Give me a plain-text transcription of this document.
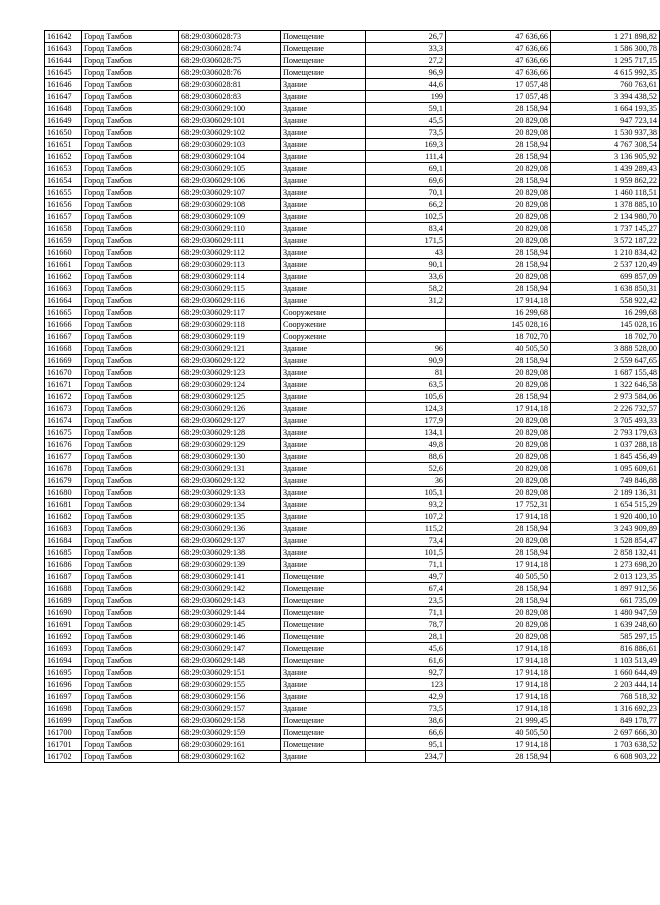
161642	Город Тамбов	68:29:0306028:73	Помещение	26,7	47 636,66	1 271 898,82
161643	Город Тамбов	68:29:0306028:74	Помещение	33,3	47 636,66	1 586 300,78
161644	Город Тамбов	68:29:0306028:75	Помещение	27,2	47 636,66	1 295 717,15
161645	Город Тамбов	68:29:0306028:76	Помещение	96,9	47 636,66	4 615 992,35
161646	Город Тамбов	68:29:0306028:81	Здание	44,6	17 057,48	760 763,61
161647	Город Тамбов	68:29:0306028:83	Здание	199	17 057,48	3 394 438,52
161648	Город Тамбов	68:29:0306029:100	Здание	59,1	28 158,94	1 664 193,35
161649	Город Тамбов	68:29:0306029:101	Здание	45,5	20 829,08	947 723,14
161650	Город Тамбов	68:29:0306029:102	Здание	73,5	20 829,08	1 530 937,38
161651	Город Тамбов	68:29:0306029:103	Здание	169,3	28 158,94	4 767 308,54
161652	Город Тамбов	68:29:0306029:104	Здание	111,4	28 158,94	3 136 905,92
161653	Город Тамбов	68:29:0306029:105	Здание	69,1	20 829,08	1 439 289,43
161654	Город Тамбов	68:29:0306029:106	Здание	69,6	28 158,94	1 959 862,22
161655	Город Тамбов	68:29:0306029:107	Здание	70,1	20 829,08	1 460 118,51
161656	Город Тамбов	68:29:0306029:108	Здание	66,2	20 829,08	1 378 885,10
161657	Город Тамбов	68:29:0306029:109	Здание	102,5	20 829,08	2 134 980,70
161658	Город Тамбов	68:29:0306029:110	Здание	83,4	20 829,08	1 737 145,27
161659	Город Тамбов	68:29:0306029:111	Здание	171,5	20 829,08	3 572 187,22
161660	Город Тамбов	68:29:0306029:112	Здание	43	28 158,94	1 210 834,42
161661	Город Тамбов	68:29:0306029:113	Здание	90,1	28 158,94	2 537 120,49
161662	Город Тамбов	68:29:0306029:114	Здание	33,6	20 829,08	699 857,09
161663	Город Тамбов	68:29:0306029:115	Здание	58,2	28 158,94	1 638 850,31
161664	Город Тамбов	68:29:0306029:116	Здание	31,2	17 914,18	558 922,42
161665	Город Тамбов	68:29:0306029:117	Сооружение		16 299,68	16 299,68
161666	Город Тамбов	68:29:0306029:118	Сооружение		145 028,16	145 028,16
161667	Город Тамбов	68:29:0306029:119	Сооружение		18 702,70	18 702,70
161668	Город Тамбов	68:29:0306029:121	Здание	96	40 505,50	3 888 528,00
161669	Город Тамбов	68:29:0306029:122	Здание	90,9	28 158,94	2 559 647,65
161670	Город Тамбов	68:29:0306029:123	Здание	81	20 829,08	1 687 155,48
161671	Город Тамбов	68:29:0306029:124	Здание	63,5	20 829,08	1 322 646,58
161672	Город Тамбов	68:29:0306029:125	Здание	105,6	28 158,94	2 973 584,06
161673	Город Тамбов	68:29:0306029:126	Здание	124,3	17 914,18	2 226 732,57
161674	Город Тамбов	68:29:0306029:127	Здание	177,9	20 829,08	3 705 493,33
161675	Город Тамбов	68:29:0306029:128	Здание	134,1	20 829,08	2 793 179,63
161676	Город Тамбов	68:29:0306029:129	Здание	49,8	20 829,08	1 037 288,18
161677	Город Тамбов	68:29:0306029:130	Здание	88,6	20 829,08	1 845 456,49
161678	Город Тамбов	68:29:0306029:131	Здание	52,6	20 829,08	1 095 609,61
161679	Город Тамбов	68:29:0306029:132	Здание	36	20 829,08	749 846,88
161680	Город Тамбов	68:29:0306029:133	Здание	105,1	20 829,08	2 189 136,31
161681	Город Тамбов	68:29:0306029:134	Здание	93,2	17 752,31	1 654 515,29
161682	Город Тамбов	68:29:0306029:135	Здание	107,2	17 914,18	1 920 400,10
161683	Город Тамбов	68:29:0306029:136	Здание	115,2	28 158,94	3 243 909,89
161684	Город Тамбов	68:29:0306029:137	Здание	73,4	20 829,08	1 528 854,47
161685	Город Тамбов	68:29:0306029:138	Здание	101,5	28 158,94	2 858 132,41
161686	Город Тамбов	68:29:0306029:139	Здание	71,1	17 914,18	1 273 698,20
161687	Город Тамбов	68:29:0306029:141	Помещение	49,7	40 505,50	2 013 123,35
161688	Город Тамбов	68:29:0306029:142	Помещение	67,4	28 158,94	1 897 912,56
161689	Город Тамбов	68:29:0306029:143	Помещение	23,5	28 158,94	661 735,09
161690	Город Тамбов	68:29:0306029:144	Помещение	71,1	20 829,08	1 480 947,59
161691	Город Тамбов	68:29:0306029:145	Помещение	78,7	20 829,08	1 639 248,60
161692	Город Тамбов	68:29:0306029:146	Помещение	28,1	20 829,08	585 297,15
161693	Город Тамбов	68:29:0306029:147	Помещение	45,6	17 914,18	816 886,61
161694	Город Тамбов	68:29:0306029:148	Помещение	61,6	17 914,18	1 103 513,49
161695	Город Тамбов	68:29:0306029:151	Здание	92,7	17 914,18	1 660 644,49
161696	Город Тамбов	68:29:0306029:155	Здание	123	17 914,18	2 203 444,14
161697	Город Тамбов	68:29:0306029:156	Здание	42,9	17 914,18	768 518,32
161698	Город Тамбов	68:29:0306029:157	Здание	73,5	17 914,18	1 316 692,23
161699	Город Тамбов	68:29:0306029:158	Помещение	38,6	21 999,45	849 178,77
161700	Город Тамбов	68:29:0306029:159	Помещение	66,6	40 505,50	2 697 666,30
161701	Город Тамбов	68:29:0306029:161	Помещение	95,1	17 914,18	1 703 638,52
161702	Город Тамбов	68:29:0306029:162	Здание	234,7	28 158,94	6 608 903,22
